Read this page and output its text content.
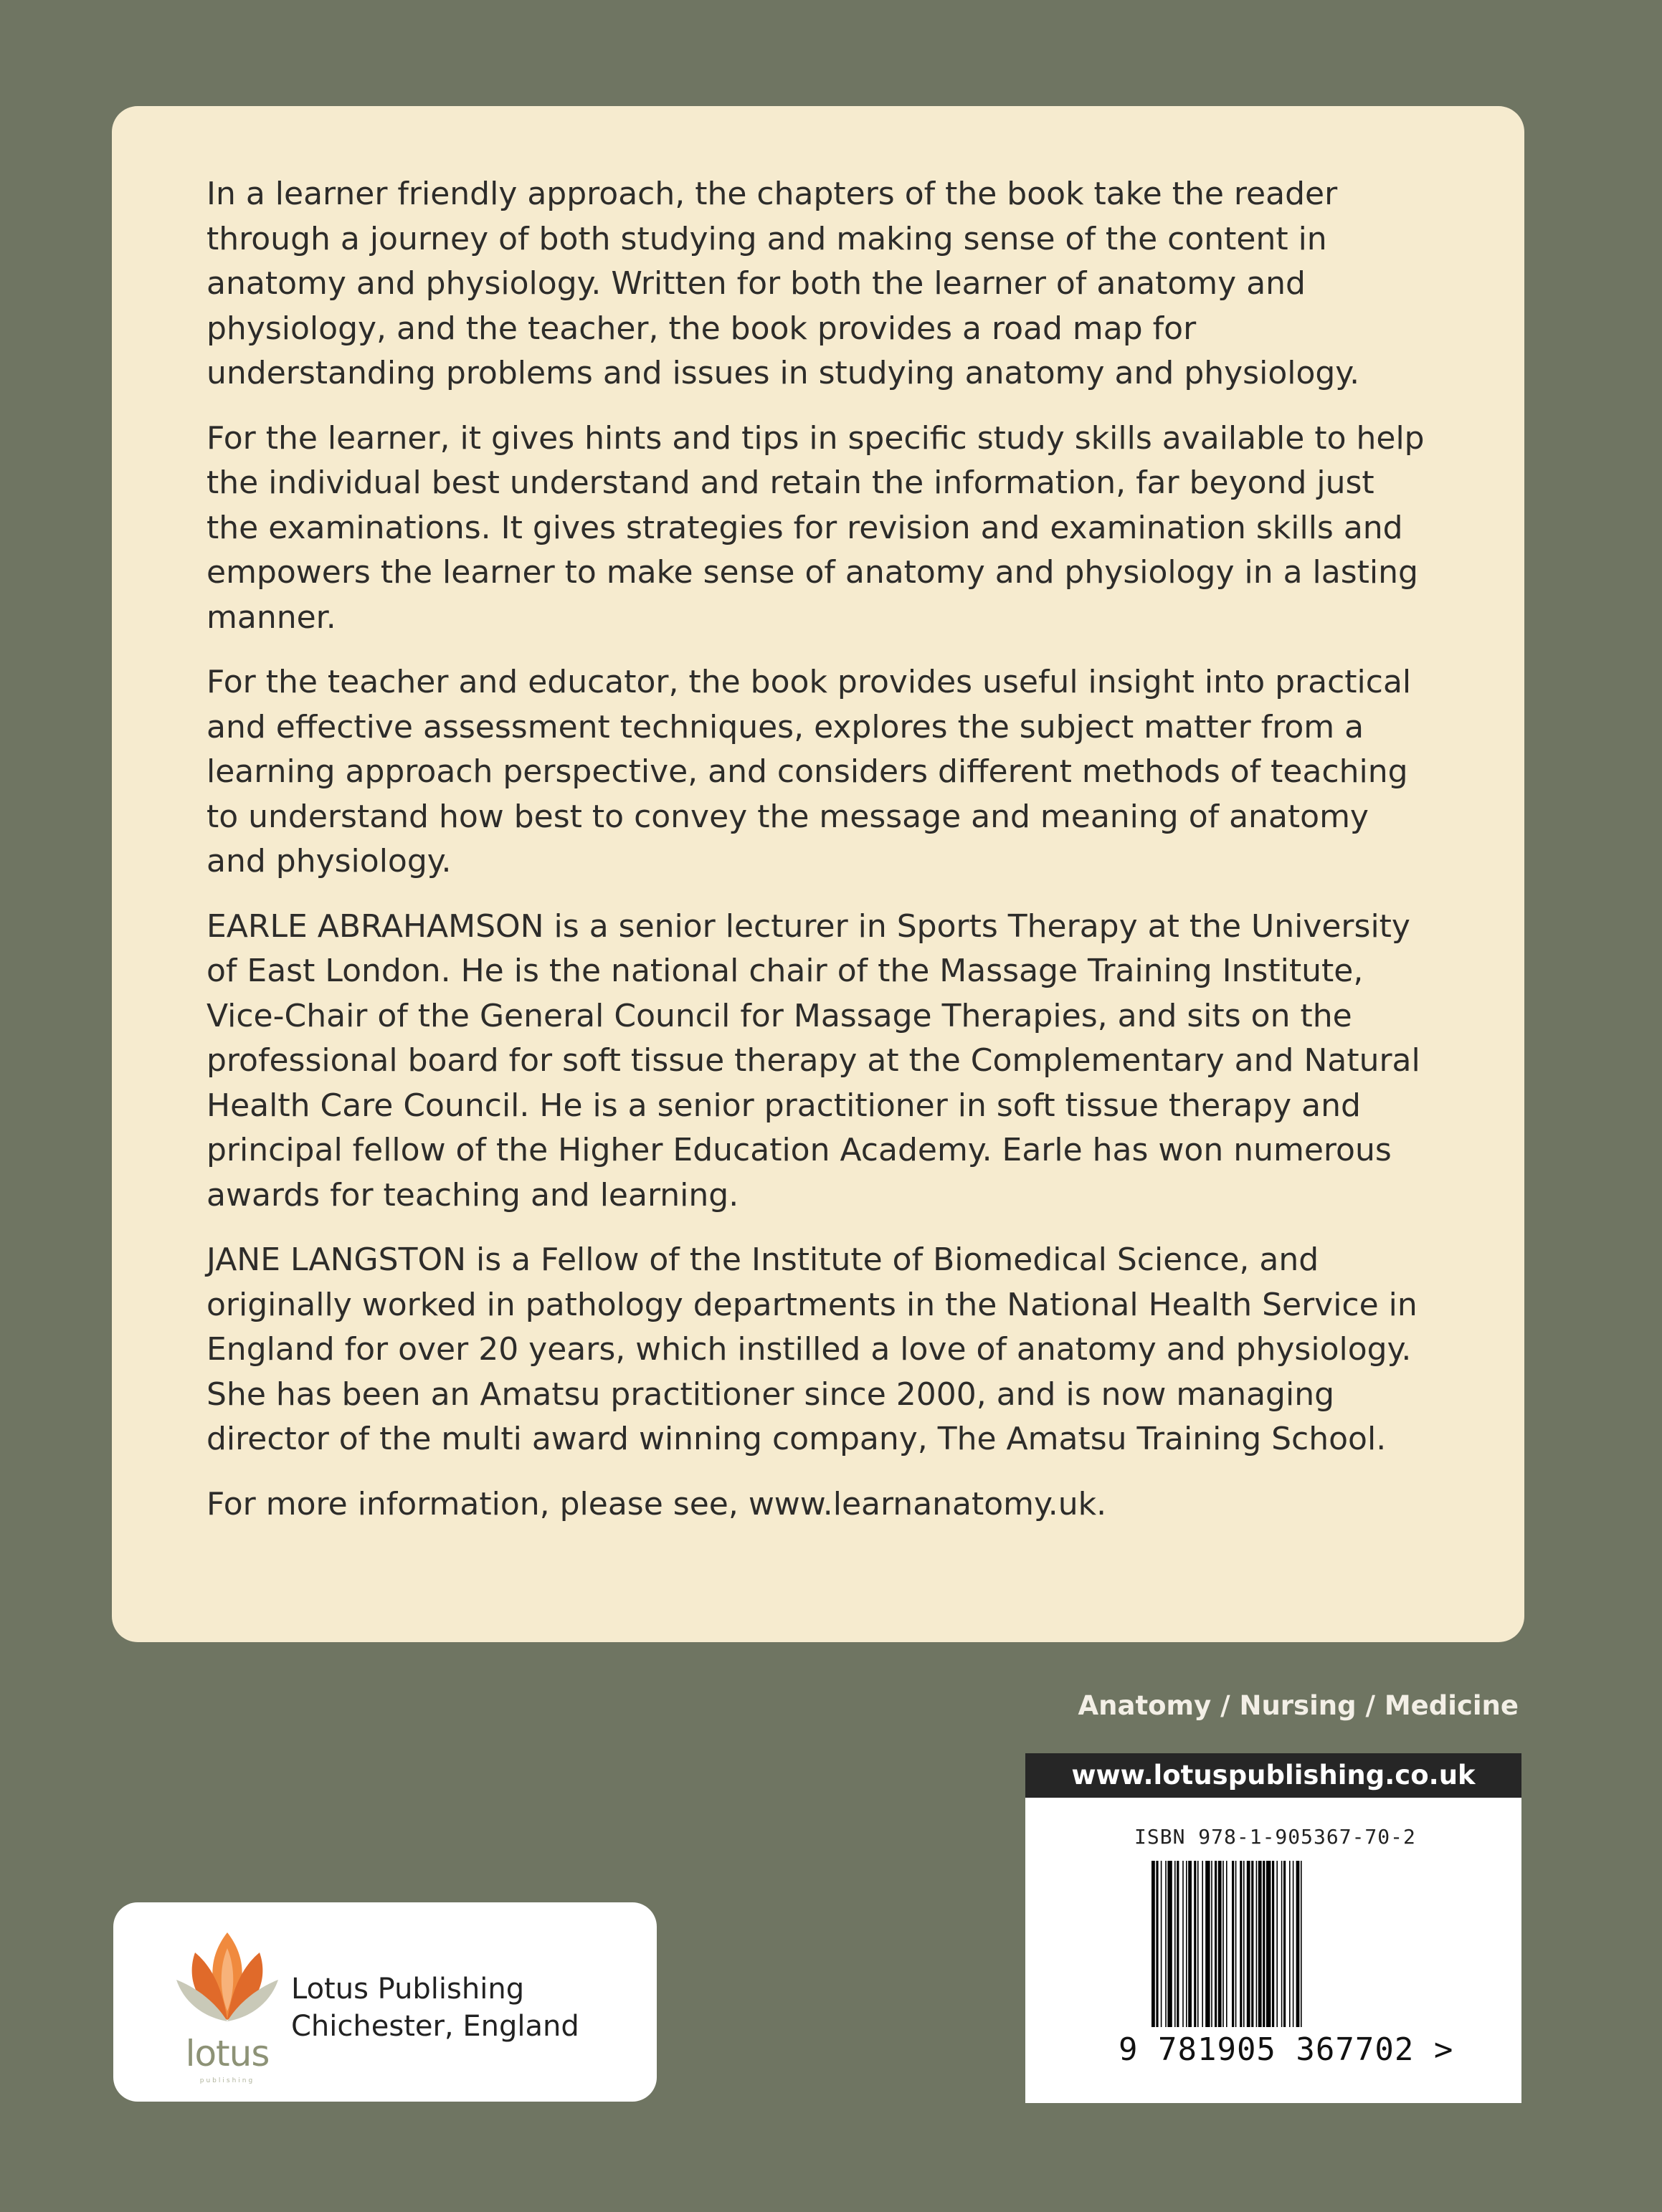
In a learner friendly approach, the chapters of the book take the reader through a journey of both studying and making sense of the content in anatomy and physiology. Written for both the learner of anatomy and physiology, and the teacher, the book provides a road map for understanding problems and issues in studying anatomy and physiology.

For the learner, it gives hints and tips in specific study skills available to help the individual best understand and retain the information, far beyond just the examinations. It gives strategies for revision and examination skills and empowers the learner to make sense of anatomy and physiology in a lasting manner.

For the teacher and educator, the book provides useful insight into practical and effective assessment techniques, explores the subject matter from a learning approach perspective, and considers different methods of teaching to understand how best to convey the message and meaning of anatomy and physiology.

EARLE ABRAHAMSON is a senior lecturer in Sports Therapy at the University of East London. He is the national chair of the Massage Training Institute, Vice-Chair of the General Council for Massage Therapies, and sits on the professional board for soft tissue therapy at the Complementary and Natural Health Care Council. He is a senior practitioner in soft tissue therapy and principal fellow of the Higher Education Academy. Earle has won numerous awards for teaching and learning.

JANE LANGSTON is a Fellow of the Institute of Biomedical Science, and originally worked in pathology departments in the National Health Service in England for over 20 years, which instilled a love of anatomy and physiology. She has been an Amatsu practitioner since 2000, and is now managing director of the multi award winning company, The Amatsu Training School.

For more information, please see, www.learnanatomy.uk.

Anatomy / Nursing / Medicine
www.lotuspublishing.co.uk
ISBN 978-1-905367-70-2
9 781905 367702 >
lotus
publishing
Lotus Publishing
Chichester, England
